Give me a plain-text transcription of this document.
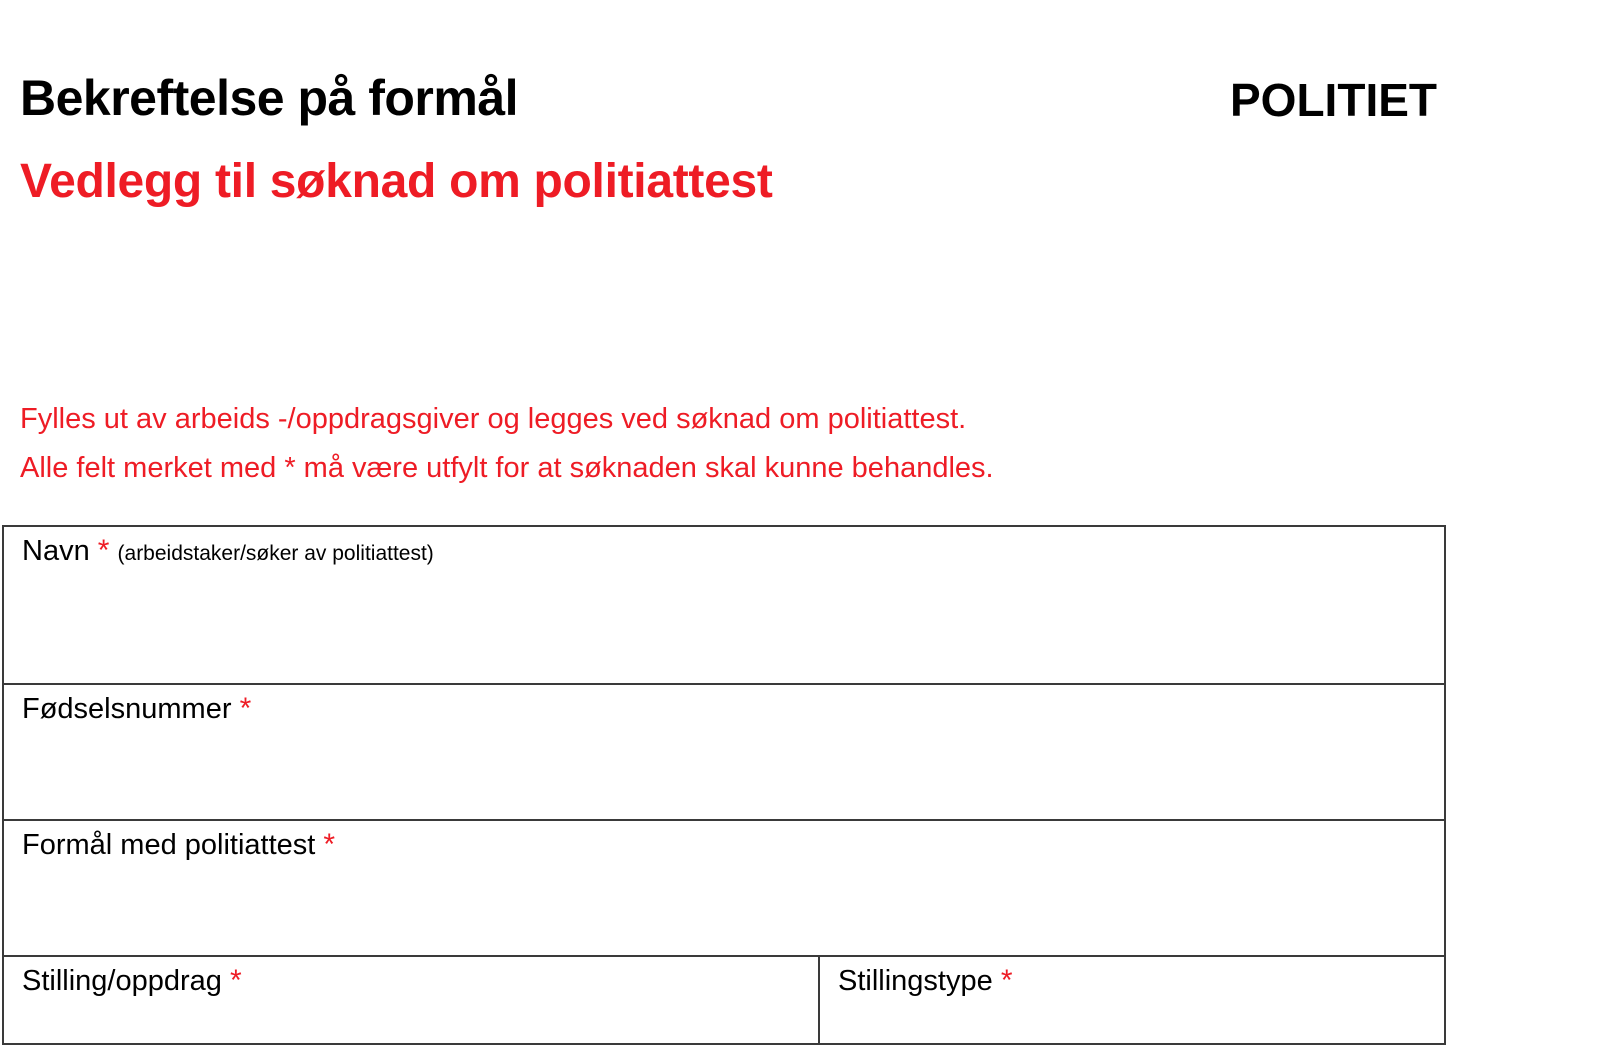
Bekreftelse på formål	POLITIET
Vedlegg til søknad om politiattest
Fylles ut av arbeids -/oppdragsgiver og legges ved søknad om politiattest.
Alle felt merket med * må være utfylt for at søknaden skal kunne behandles.
Navn * (arbeidstaker/søker av politiattest)

Fødselsnummer *

Formål med politiattest *

Stilling/oppdrag *	Stillingstype *
